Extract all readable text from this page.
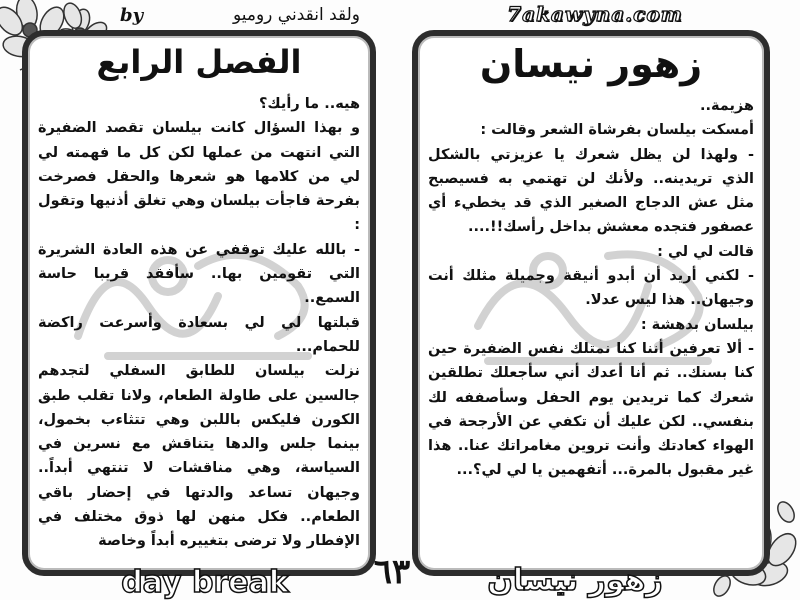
by	ولقد انقدني روميو	7akawyna.com
الفصل الرابع
هيه.. ما رأيك؟
و بهذا السؤال كانت بيلسان تقصد الضفيرة التي انتهت من عملها لكن كل ما فهمته لي لي من كلامها هو شعرها والحقل فصرخت بفرحة فاجأت بيلسان وهي تغلق أذنيها وتقول :
- بالله عليك توقفي عن هذه العادة الشريرة التي تقومين بها.. سأفقد قريبا حاسة السمع..
قبلتها لي لي بسعادة وأسرعت راكضة للحمام...
نزلت بيلسان للطابق السفلي لتجدهم جالسين على طاولة الطعام، ولانا تقلب طبق الكورن فليكس باللبن وهي تتثاءب بخمول، بينما جلس والدها يتناقش مع نسرين في السياسة، وهي مناقشات لا تنتهي أبداً.. وجيهان تساعد والدتها في إحضار باقي الطعام.. فكل منهن لها ذوق مختلف في الإفطار ولا ترضى بتغييره أبداً وخاصة
زهور نيسان
هزيمة..
أمسكت بيلسان بفرشاة الشعر وقالت :
- ولهذا لن يظل شعرك يا عزيزتي بالشكل الذي تريدينه.. ولأنك لن تهتمي به فسيصبح مثل عش الدجاج الصغير الذي قد يخطيء أي عصفور فتجده معشش بداخل رأسك!!....
قالت لي لي :
- لكني أريد أن أبدو أنيقة وجميلة مثلك أنت وجيهان.. هذا ليس عدلا.
بيلسان بدهشة :
- ألا تعرفين أننا كنا نمتلك نفس الضفيرة حين كنا بسنك.. ثم أنا أعدك أني سأجعلك تطلقين شعرك كما تريدين يوم الحفل وسأصففه لك بنفسي.. لكن عليك أن تكفي عن الأرجحة في الهواء كعادتك وأنت تروين مغامراتك عنا.. هذا غير مقبول بالمرة... أتفهمين يا لي لي؟...
day break	٦٣	زهور نيسان
